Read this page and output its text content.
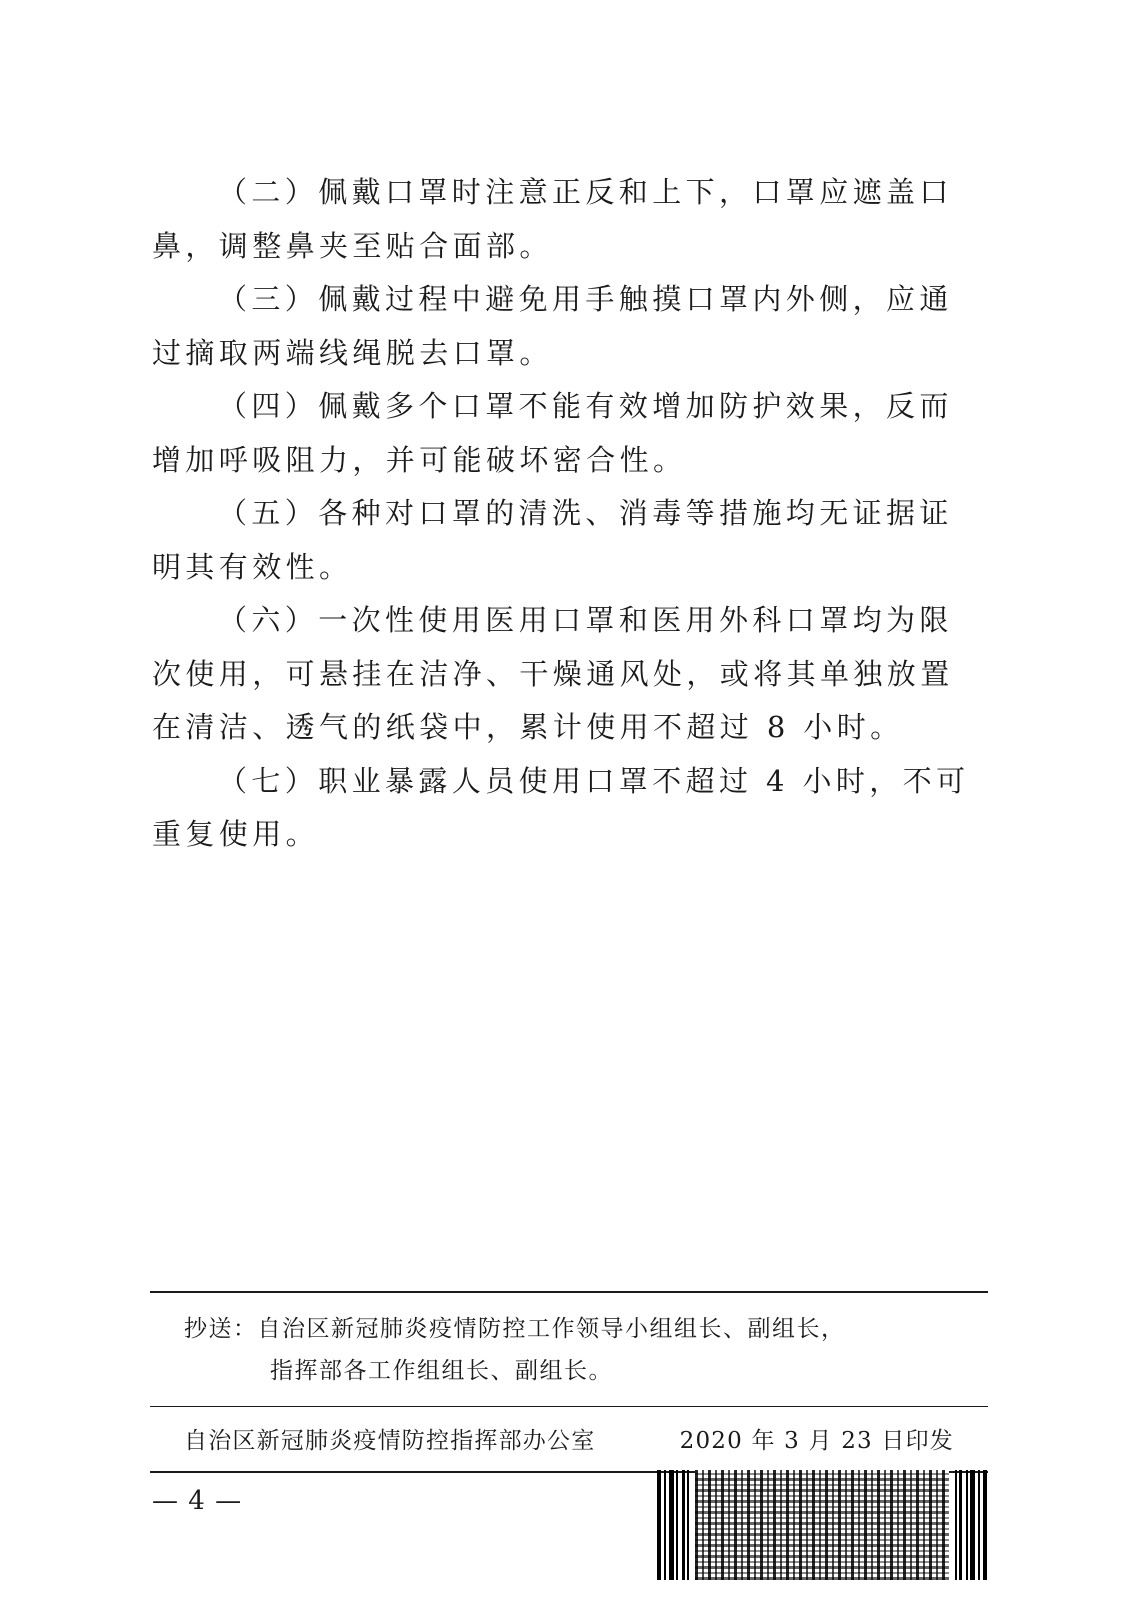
（二）佩戴口罩时注意正反和上下，口罩应遮盖口鼻，调整鼻夹至贴合面部。

（三）佩戴过程中避免用手触摸口罩内外侧，应通过摘取两端线绳脱去口罩。

（四）佩戴多个口罩不能有效增加防护效果，反而增加呼吸阻力，并可能破坏密合性。

（五）各种对口罩的清洗、消毒等措施均无证据证明其有效性。

（六）一次性使用医用口罩和医用外科口罩均为限次使用，可悬挂在洁净、干燥通风处，或将其单独放置在清洁、透气的纸袋中，累计使用不超过 8 小时。

（七）职业暴露人员使用口罩不超过 4 小时，不可重复使用。

抄送：自治区新冠肺炎疫情防控工作领导小组组长、副组长，
指挥部各工作组组长、副组长。
自治区新冠肺炎疫情防控指挥部办公室	2020 年 3 月 23 日印发
— 4 —
